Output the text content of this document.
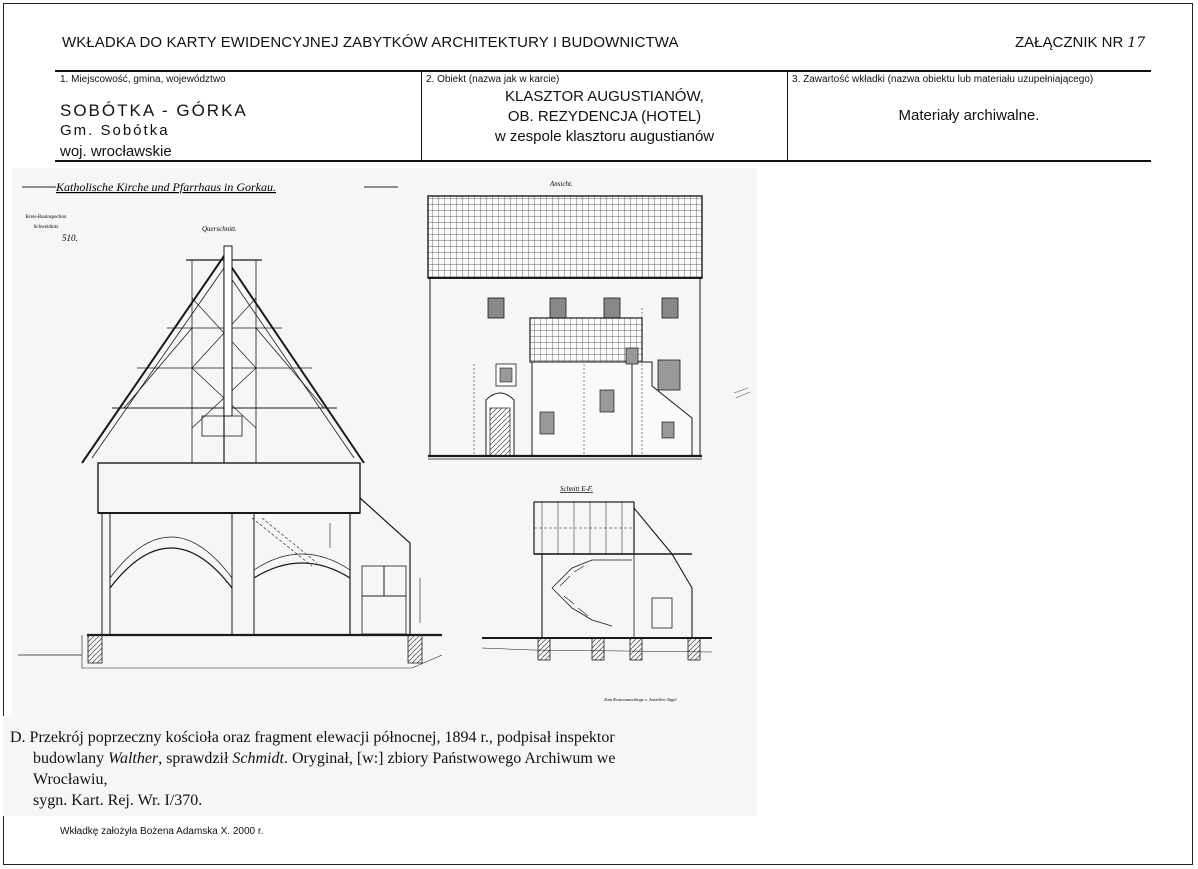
WKŁADKA DO KARTY EWIDENCYJNEJ ZABYTKÓW ARCHITEKTURY I BUDOWNICTWA	ZAŁĄCZNIK NR 17
1. Miejscowość, gmina, województwo
SOBÓTKA - GÓRKA
Gm. Sobótka
woj. wrocławskie
2. Obiekt (nazwa jak w karcie)
KLASZTOR AUGUSTIANÓW,
OB. REZYDENCJA (HOTEL)
w zespole klasztoru augustianów
3. Zawartość wkładki (nazwa obiektu lub materiału uzupełniającego)
Materiały archiwalne.
Katholische Kirche und Pfarrhaus in Gorkau.
Kreis-Bauinspection
Schweidnitz
510.
Querschnitt.
Ansicht.
Schnitt E-F.
Zum Kostenanschlage v. Anstellen Tagel
D. Przekrój poprzeczny kościoła oraz fragment elewacji północnej, 1894 r., podpisał inspektor
budowlany Walther, sprawdził Schmidt. Oryginał, [w:] zbiory Państwowego Archiwum we
Wrocławiu,
sygn. Kart. Rej. Wr. I/370.
Wkładkę założyła Bożena Adamska X. 2000 r.
